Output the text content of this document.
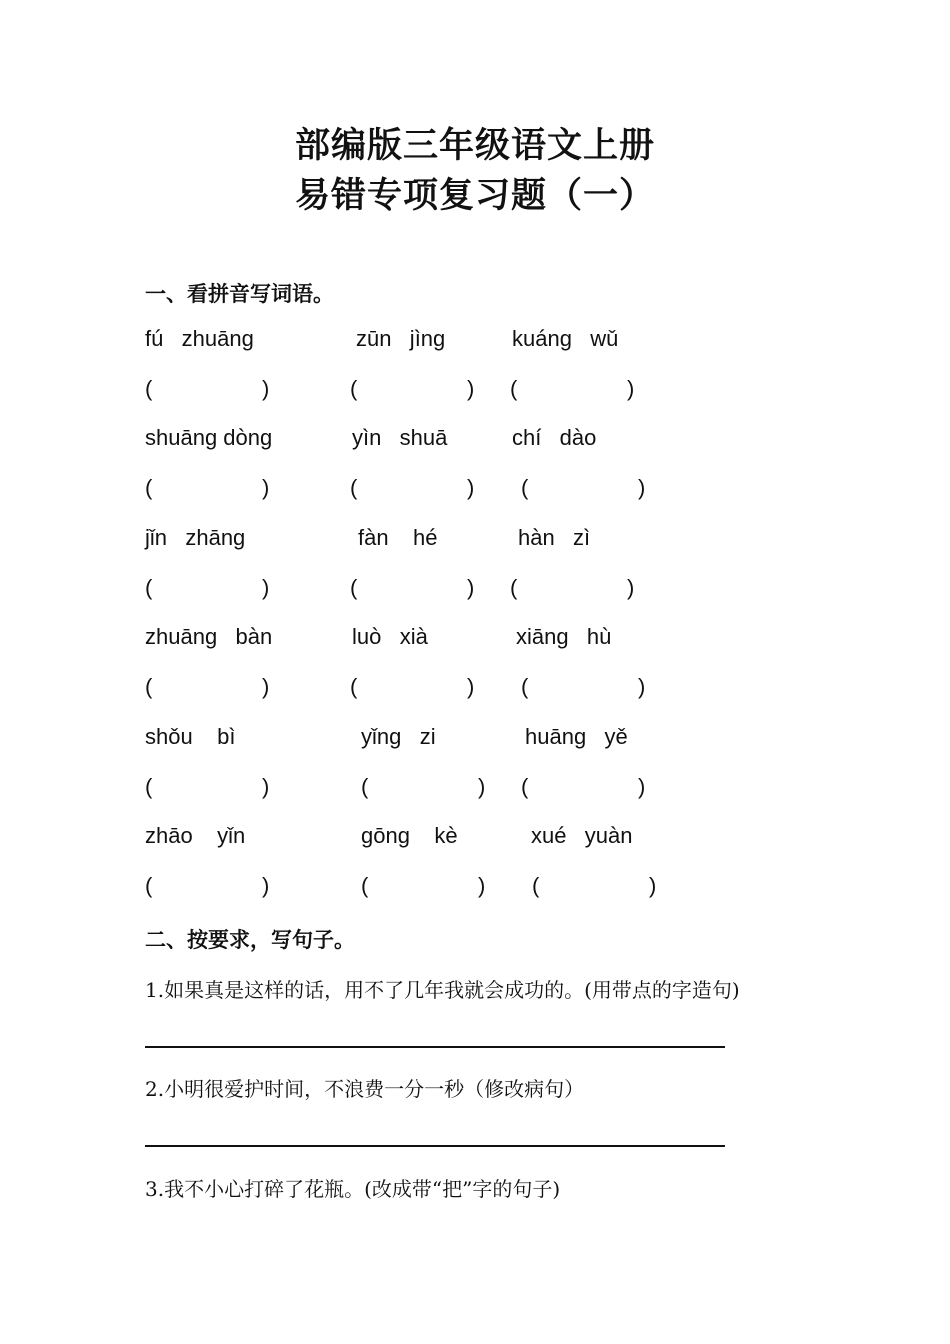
部编版三年级语文上册
易错专项复习题（一）
一、看拼音写词语。
fú   zhuāng	zūn   jìng	kuáng   wǔ
(	)	(	) (	)
shuāng dòng	yìn   shuā	chí   dào
(	)	(	) (	)
jǐn   zhāng	fàn    hé	hàn   zì
(	)	(	) (	)
zhuāng   bàn	luò   xià	xiāng   hù
(	)	(	) (	)
shǒu    bì	yǐng   zi	huāng   yě
(	)	(	) (	)
zhāo    yǐn	gōng    kè	xué   yuàn
(	)	(	) (	)
二、按要求，写句子。
1.如果真是这样的话，用不了几年我就会成功的。(用带点的字造句)
2.小明很爱护时间，不浪费一分一秒（修改病句）
3.我不小心打碎了花瓶。(改成带“把”字的句子)
